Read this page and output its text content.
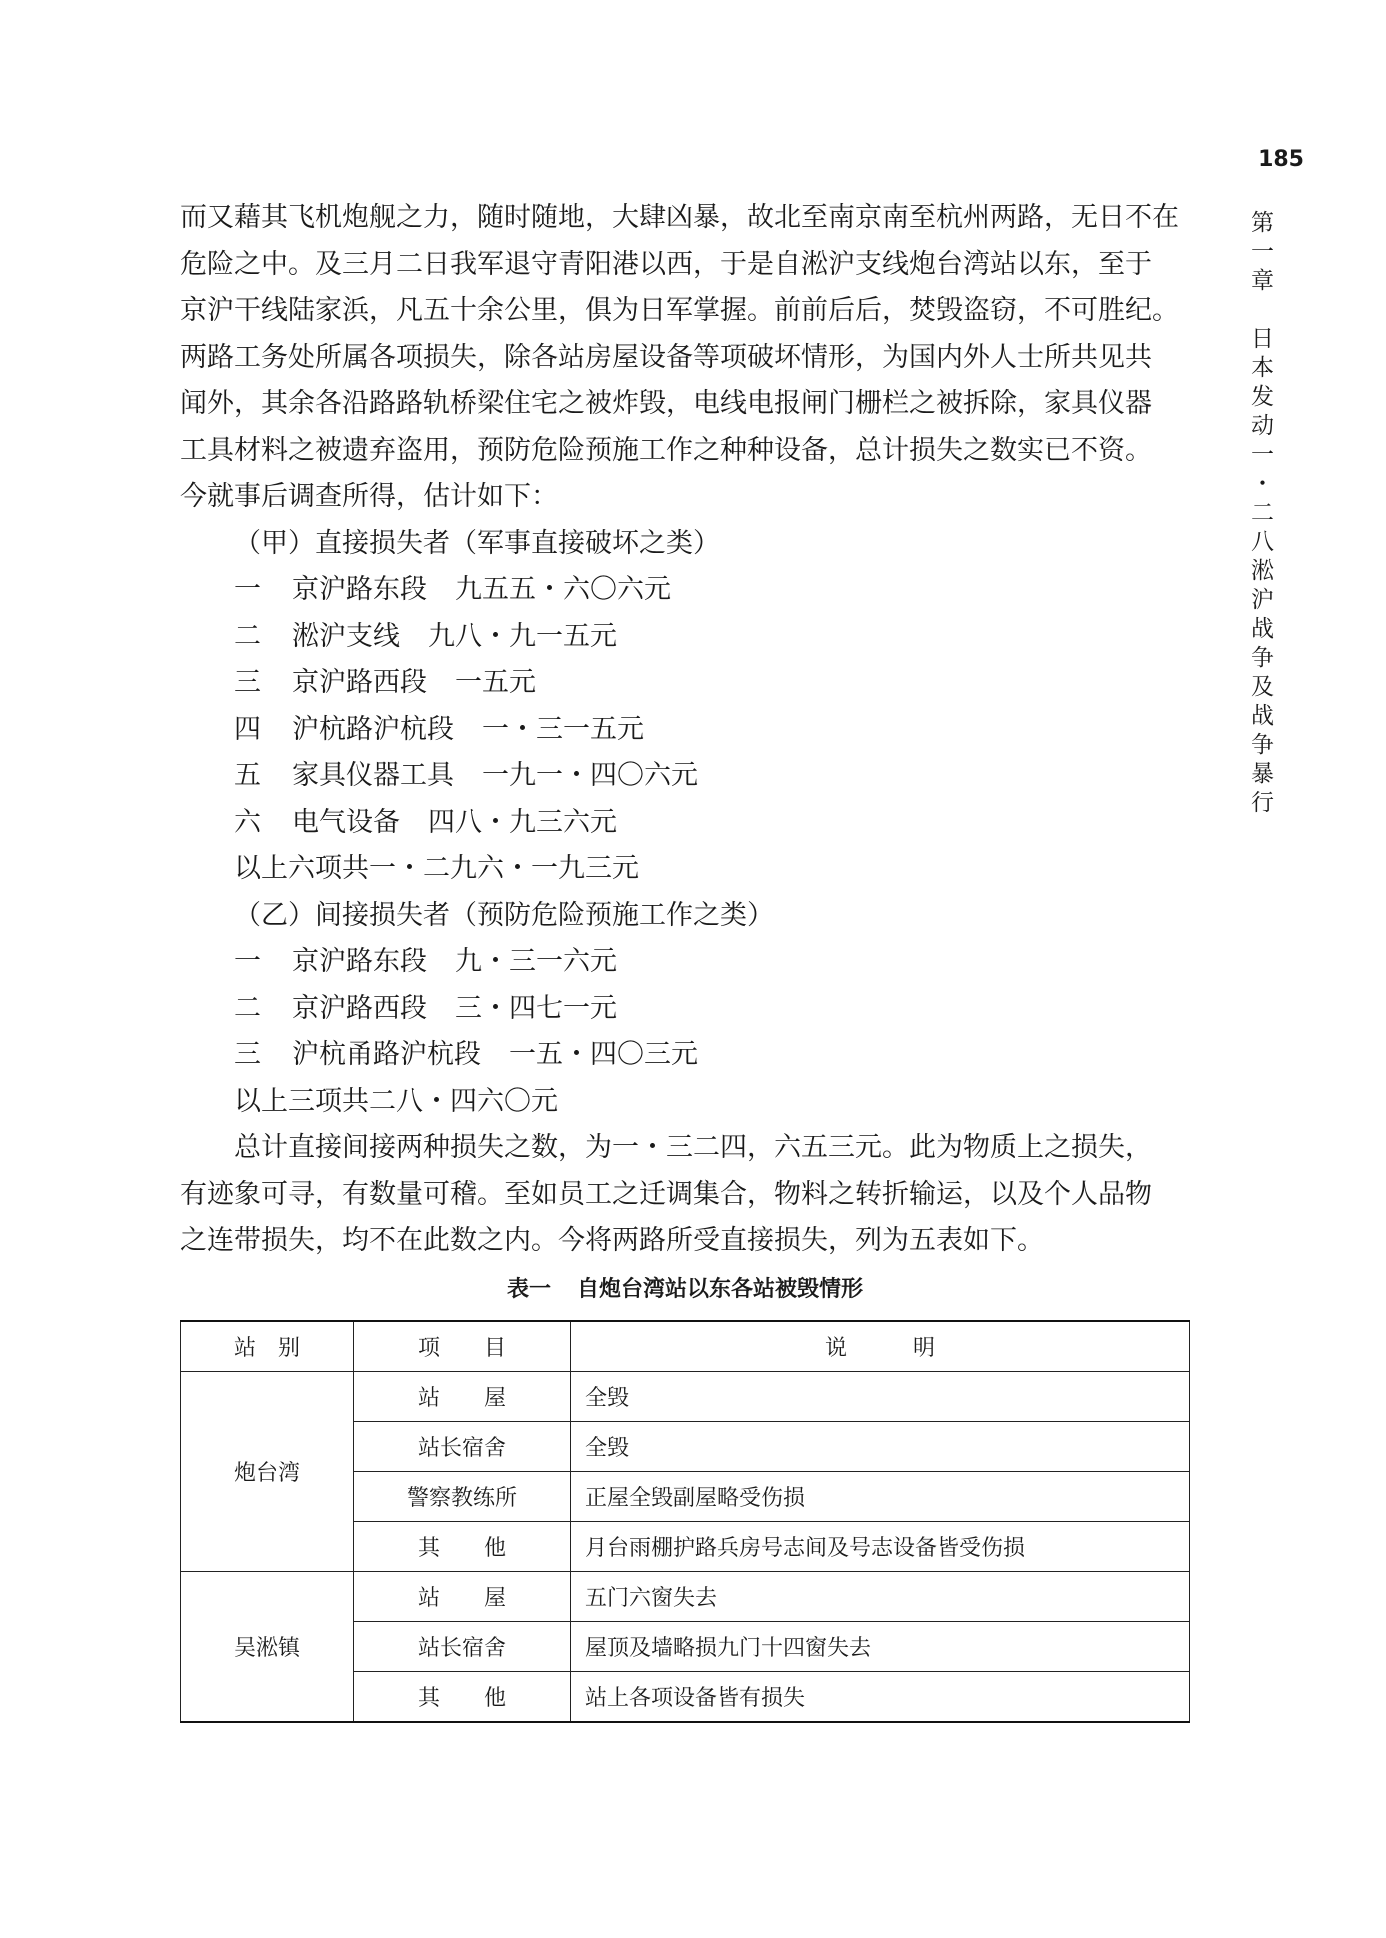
185
第一章　日本发动一・二八淞沪战争及战争暴行
而又藉其飞机炮舰之力，随时随地，大肆凶暴，故北至南京南至杭州两路，无日不在
危险之中。及三月二日我军退守青阳港以西，于是自淞沪支线炮台湾站以东，至于
京沪干线陆家浜，凡五十余公里，俱为日军掌握。前前后后，焚毁盗窃，不可胜纪。
两路工务处所属各项损失，除各站房屋设备等项破坏情形，为国内外人士所共见共
闻外，其余各沿路路轨桥梁住宅之被炸毁，电线电报闸门栅栏之被拆除，家具仪器
工具材料之被遗弃盗用，预防危险预施工作之种种设备，总计损失之数实已不资。
今就事后调查所得，估计如下：
（甲）直接损失者（军事直接破坏之类）
一 京沪路东段 九五五・六〇六元
二 淞沪支线 九八・九一五元
三 京沪路西段 一五元
四 沪杭路沪杭段 一・三一五元
五 家具仪器工具 一九一・四〇六元
六 电气设备 四八・九三六元
以上六项共一・二九六・一九三元
（乙）间接损失者（预防危险预施工作之类）
一 京沪路东段 九・三一六元
二 京沪路西段 三・四七一元
三 沪杭甬路沪杭段 一五・四〇三元
以上三项共二八・四六〇元
总计直接间接两种损失之数，为一・三二四，六五三元。此为物质上之损失，
有迹象可寻，有数量可稽。至如员工之迁调集合，物料之转折输运，以及个人品物
之连带损失，均不在此数之内。今将两路所受直接损失，列为五表如下。
表一 自炮台湾站以东各站被毁情形
站　别	项　　目	说　　　明
炮台湾	站　　屋	全毁
	站长宿舍	全毁
	警察教练所	正屋全毁副屋略受伤损
	其　　他	月台雨棚护路兵房号志间及号志设备皆受伤损
吴淞镇	站　　屋	五门六窗失去
	站长宿舍	屋顶及墙略损九门十四窗失去
	其　　他	站上各项设备皆有损失
